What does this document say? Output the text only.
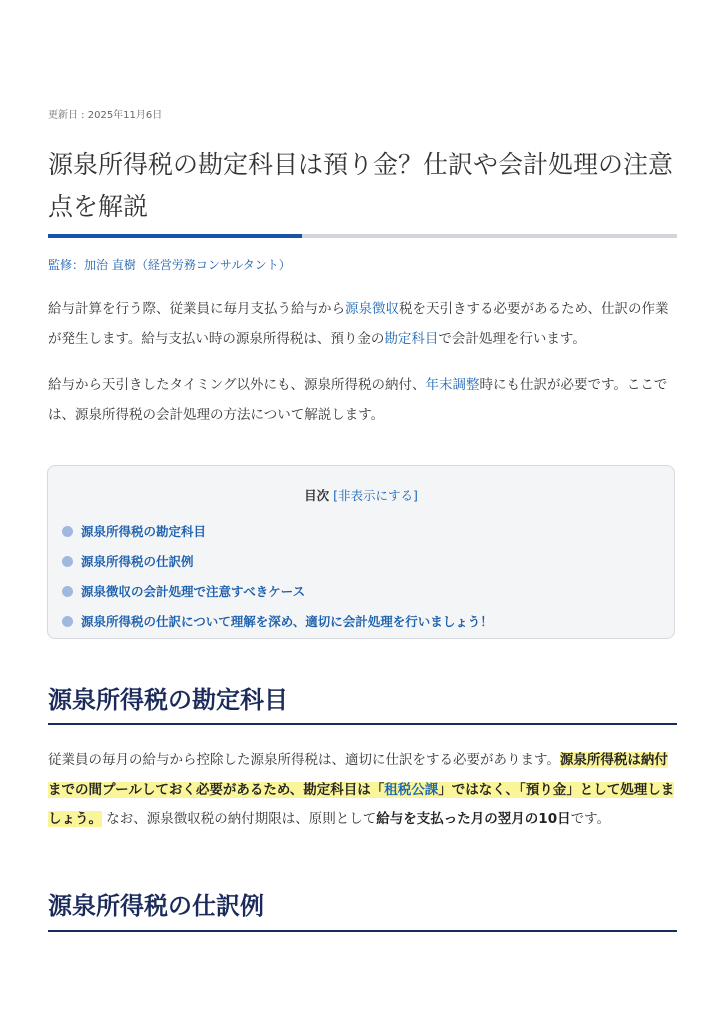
更新日 : 2025年11月6日
源泉所得税の勘定科目は預り金？仕訳や会計処理の注意点を解説
監修：加治 直樹（経営労務コンサルタント）

給与計算を行う際、従業員に毎月支払う給与から源泉徴収税を天引きする必要があるため、仕訳の作業が発生します。給与支払い時の源泉所得税は、預り金の勘定科目で会計処理を行います。

給与から天引きしたタイミング以外にも、源泉所得税の納付、年末調整時にも仕訳が必要です。ここでは、源泉所得税の会計処理の方法について解説します。

目次 [非表示にする]
源泉所得税の勘定科目
源泉所得税の仕訳例
源泉徴収の会計処理で注意すべきケース
源泉所得税の仕訳について理解を深め、適切に会計処理を行いましょう！
源泉所得税の勘定科目

従業員の毎月の給与から控除した源泉所得税は、適切に仕訳をする必要があります。源泉所得税は納付までの間プールしておく必要があるため、勘定科目は「租税公課」ではなく、「預り金」として処理しましょう。 なお、源泉徴収税の納付期限は、原則として給与を支払った月の翌月の10日です。

源泉所得税の仕訳例
